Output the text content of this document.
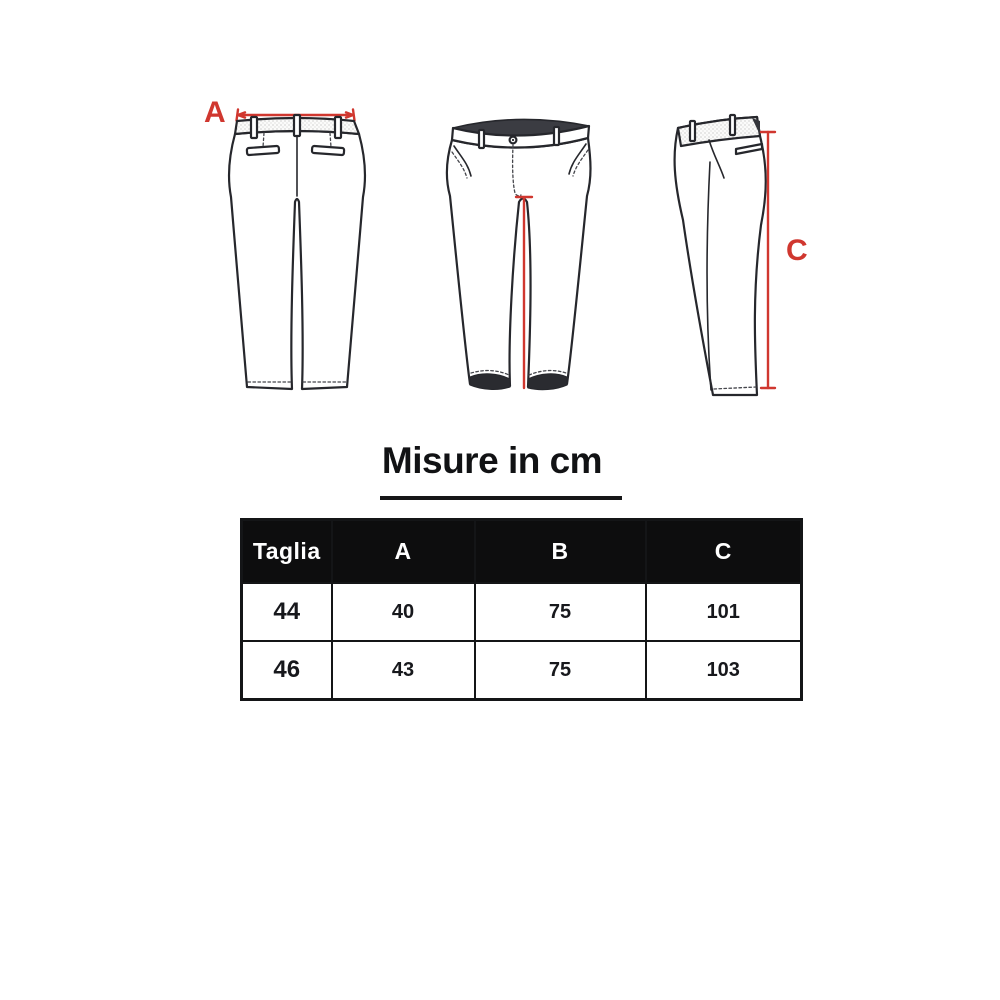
A
C
Misure in cm
Taglia	A	B	C
44	40	75	101
46	43	75	103
